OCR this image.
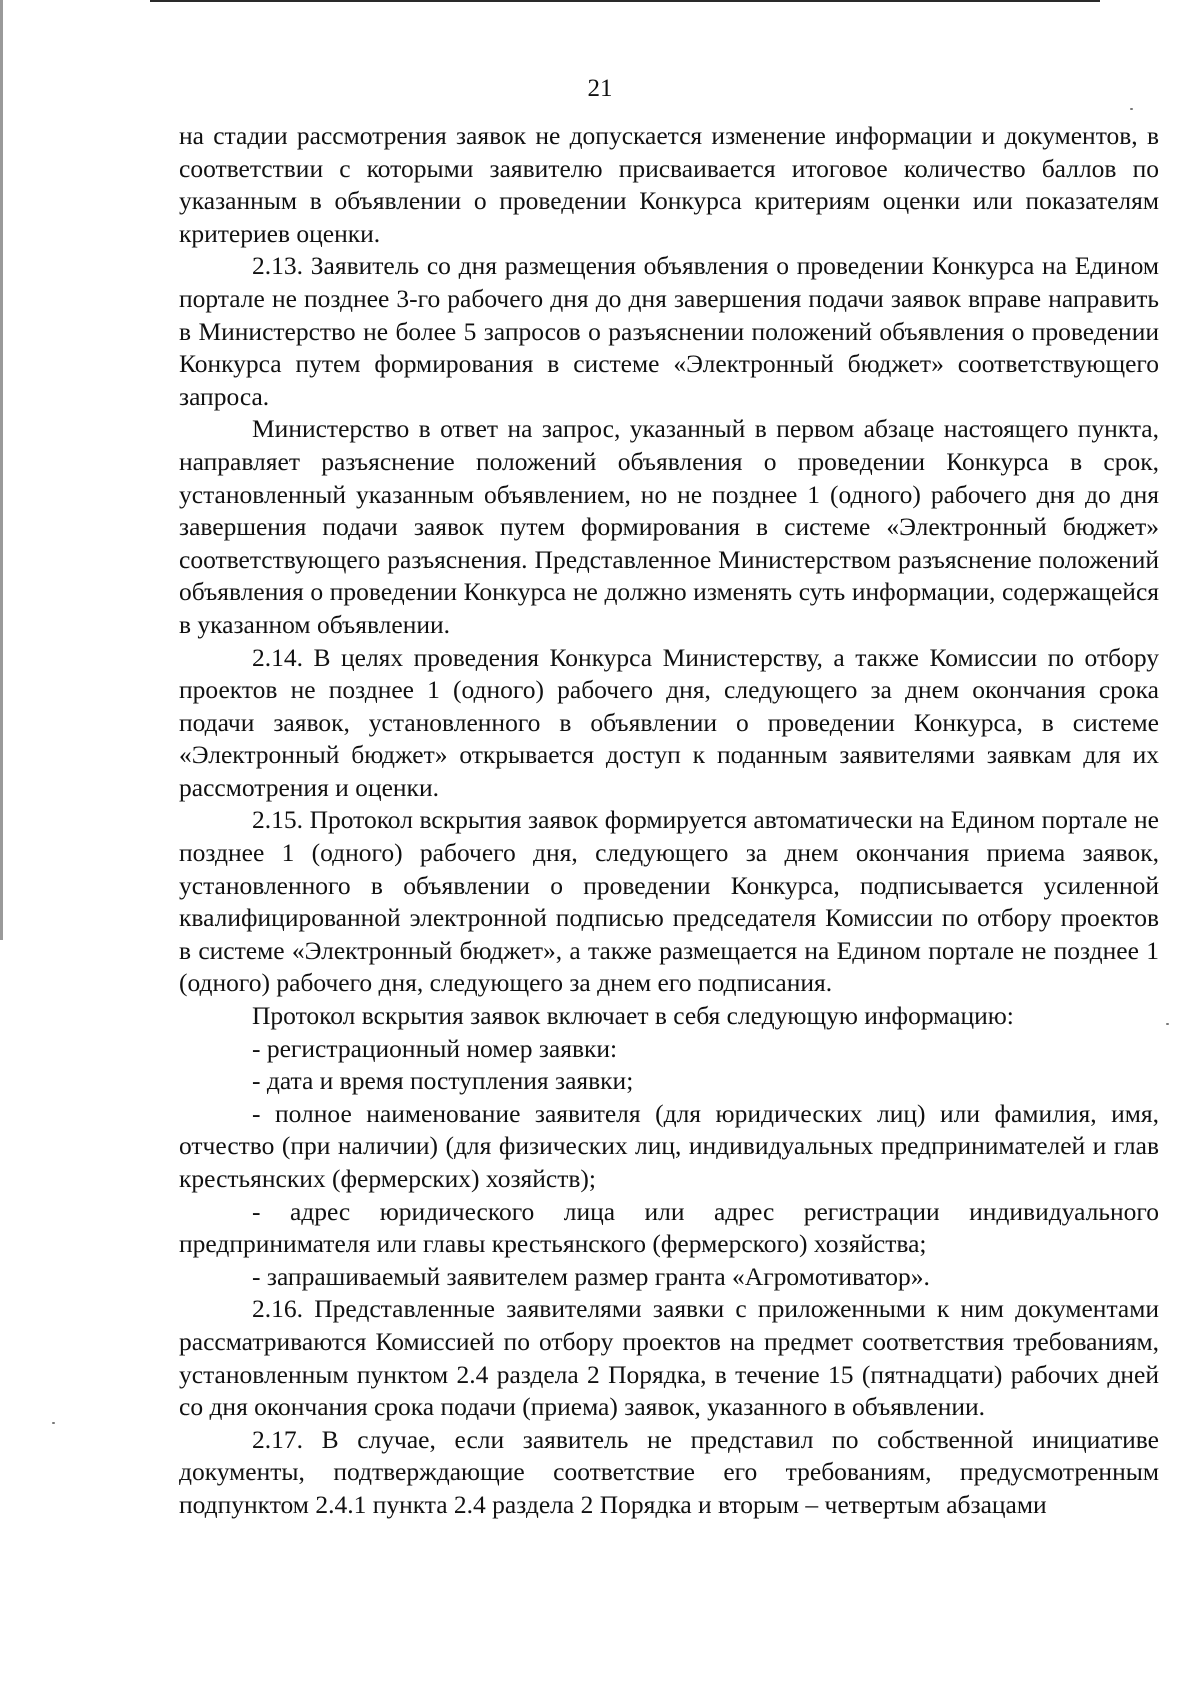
21

на стадии рассмотрения заявок не допускается изменение информации и документов, в соответствии с которыми заявителю присваивается итоговое количество баллов по указанным в объявлении о проведении Конкурса критериям оценки или показателям критериев оценки.

2.13. Заявитель со дня размещения объявления о проведении Конкурса на Едином портале не позднее 3-го рабочего дня до дня завершения подачи заявок вправе направить в Министерство не более 5 запросов о разъяснении положений объявления о проведении Конкурса путем формирования в системе «Электронный бюджет» соответствующего запроса.

Министерство в ответ на запрос, указанный в первом абзаце настоящего пункта, направляет разъяснение положений объявления о проведении Конкурса в срок, установленный указанным объявлением, но не позднее 1 (одного) рабочего дня до дня завершения подачи заявок путем формирования в системе «Электронный бюджет» соответствующего разъяснения. Представленное Министерством разъяснение положений объявления о проведении Конкурса не должно изменять суть информации, содержащейся в указанном объявлении.

2.14. В целях проведения Конкурса Министерству, а также Комиссии по отбору проектов не позднее 1 (одного) рабочего дня, следующего за днем окончания срока подачи заявок, установленного в объявлении о проведении Конкурса, в системе «Электронный бюджет» открывается доступ к поданным заявителями заявкам для их рассмотрения и оценки.

2.15. Протокол вскрытия заявок формируется автоматически на Едином портале не позднее 1 (одного) рабочего дня, следующего за днем окончания приема заявок, установленного в объявлении о проведении Конкурса, подписывается усиленной квалифицированной электронной подписью председателя Комиссии по отбору проектов в системе «Электронный бюджет», а также размещается на Едином портале не позднее 1 (одного) рабочего дня, следующего за днем его подписания.

Протокол вскрытия заявок включает в себя следующую информацию:

- регистрационный номер заявки:

- дата и время поступления заявки;

- полное наименование заявителя (для юридических лиц) или фамилия, имя, отчество (при наличии) (для физических лиц, индивидуальных предпринимателей и глав крестьянских (фермерских) хозяйств);

- адрес юридического лица или адрес регистрации индивидуального предпринимателя или главы крестьянского (фермерского) хозяйства;

- запрашиваемый заявителем размер гранта «Агромотиватор».

2.16. Представленные заявителями заявки с приложенными к ним документами рассматриваются Комиссией по отбору проектов на предмет соответствия требованиям, установленным пунктом 2.4 раздела 2 Порядка, в течение 15 (пятнадцати) рабочих дней со дня окончания срока подачи (приема) заявок, указанного в объявлении.

2.17. В случае, если заявитель не представил по собственной инициативе документы, подтверждающие соответствие его требованиям, предусмотренным подпунктом 2.4.1 пункта 2.4 раздела 2 Порядка и вторым – четвертым абзацами
